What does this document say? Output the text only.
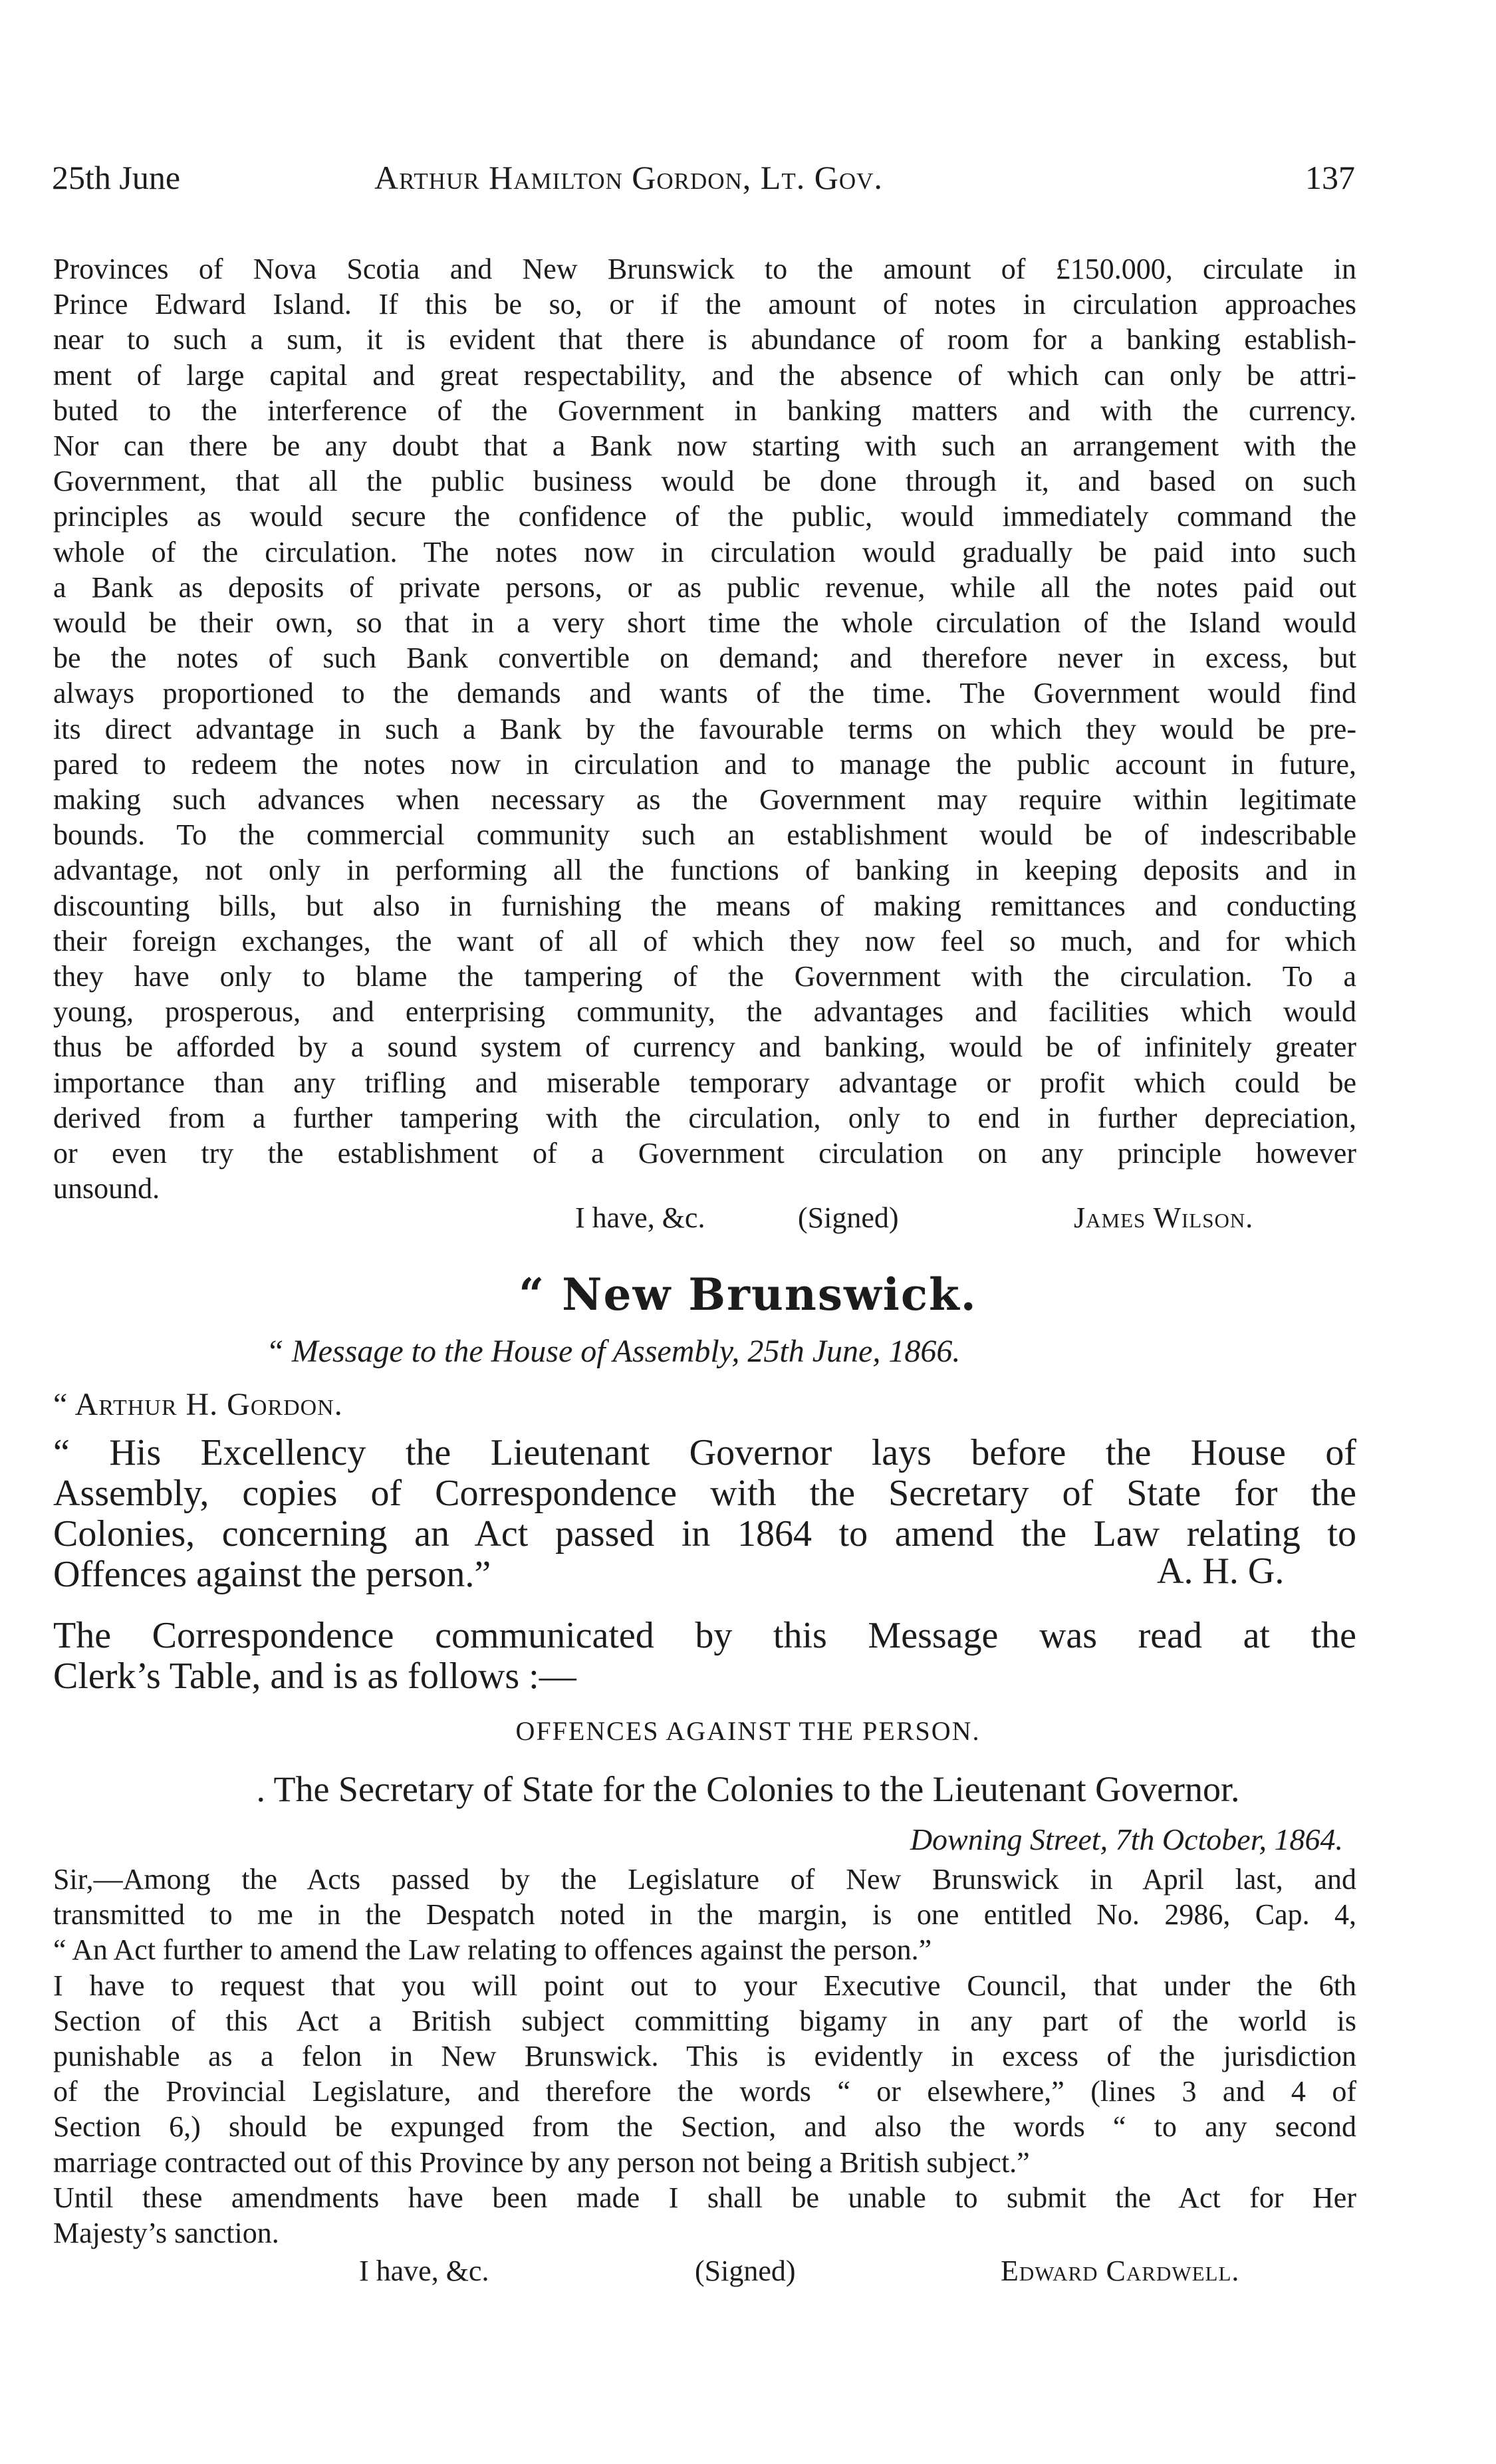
25th June	Arthur Hamilton Gordon, Lt. Gov.	137
Provinces of Nova Scotia and New Brunswick to the amount of £150.000, circulate in
Prince Edward Island. If this be so, or if the amount of notes in circulation approaches
near to such a sum, it is evident that there is abundance of room for a banking establish-
ment of large capital and great respectability, and the absence of which can only be attri-
buted to the interference of the Government in banking matters and with the currency.
Nor can there be any doubt that a Bank now starting with such an arrangement with the
Government, that all the public business would be done through it, and based on such
principles as would secure the confidence of the public, would immediately command the
whole of the circulation. The notes now in circulation would gradually be paid into such
a Bank as deposits of private persons, or as public revenue, while all the notes paid out
would be their own, so that in a very short time the whole circulation of the Island would
be the notes of such Bank convertible on demand; and therefore never in excess, but
always proportioned to the demands and wants of the time. The Government would find
its direct advantage in such a Bank by the favourable terms on which they would be pre-
pared to redeem the notes now in circulation and to manage the public account in future,
making such advances when necessary as the Government may require within legitimate
bounds. To the commercial community such an establishment would be of indescribable
advantage, not only in performing all the functions of banking in keeping deposits and in
discounting bills, but also in furnishing the means of making remittances and conducting
their foreign exchanges, the want of all of which they now feel so much, and for which
they have only to blame the tampering of the Government with the circulation. To a
young, prosperous, and enterprising community, the advantages and facilities which would
thus be afforded by a sound system of currency and banking, would be of infinitely greater
importance than any trifling and miserable temporary advantage or profit which could be
derived from a further tampering with the circulation, only to end in further depreciation,
or even try the establishment of a Government circulation on any principle however
unsound.
I have, &c.	(Signed)	James Wilson.
“ New Brunswick.
“ Message to the House of Assembly, 25th June, 1866.
“ Arthur H. Gordon.
“ His Excellency the Lieutenant Governor lays before the House of
Assembly, copies of Correspondence with the Secretary of State for the
Colonies, concerning an Act passed in 1864 to amend the Law relating to
Offences against the person.”	A. H. G.
The Correspondence communicated by this Message was read at the
Clerk’s Table, and is as follows :—
OFFENCES AGAINST THE PERSON.
. The Secretary of State for the Colonies to the Lieutenant Governor.
Downing Street, 7th October, 1864.
Sir,—Among the Acts passed by the Legislature of New Brunswick in April last, and
transmitted to me in the Despatch noted in the margin, is one entitled No. 2986, Cap. 4,
“ An Act further to amend the Law relating to offences against the person.”
I have to request that you will point out to your Executive Council, that under the 6th
Section of this Act a British subject committing bigamy in any part of the world is
punishable as a felon in New Brunswick. This is evidently in excess of the jurisdiction
of the Provincial Legislature, and therefore the words “ or elsewhere,” (lines 3 and 4 of
Section 6,) should be expunged from the Section, and also the words “ to any second
marriage contracted out of this Province by any person not being a British subject.”
Until these amendments have been made I shall be unable to submit the Act for Her
Majesty’s sanction.
I have, &c.	(Signed)	Edward Cardwell.
